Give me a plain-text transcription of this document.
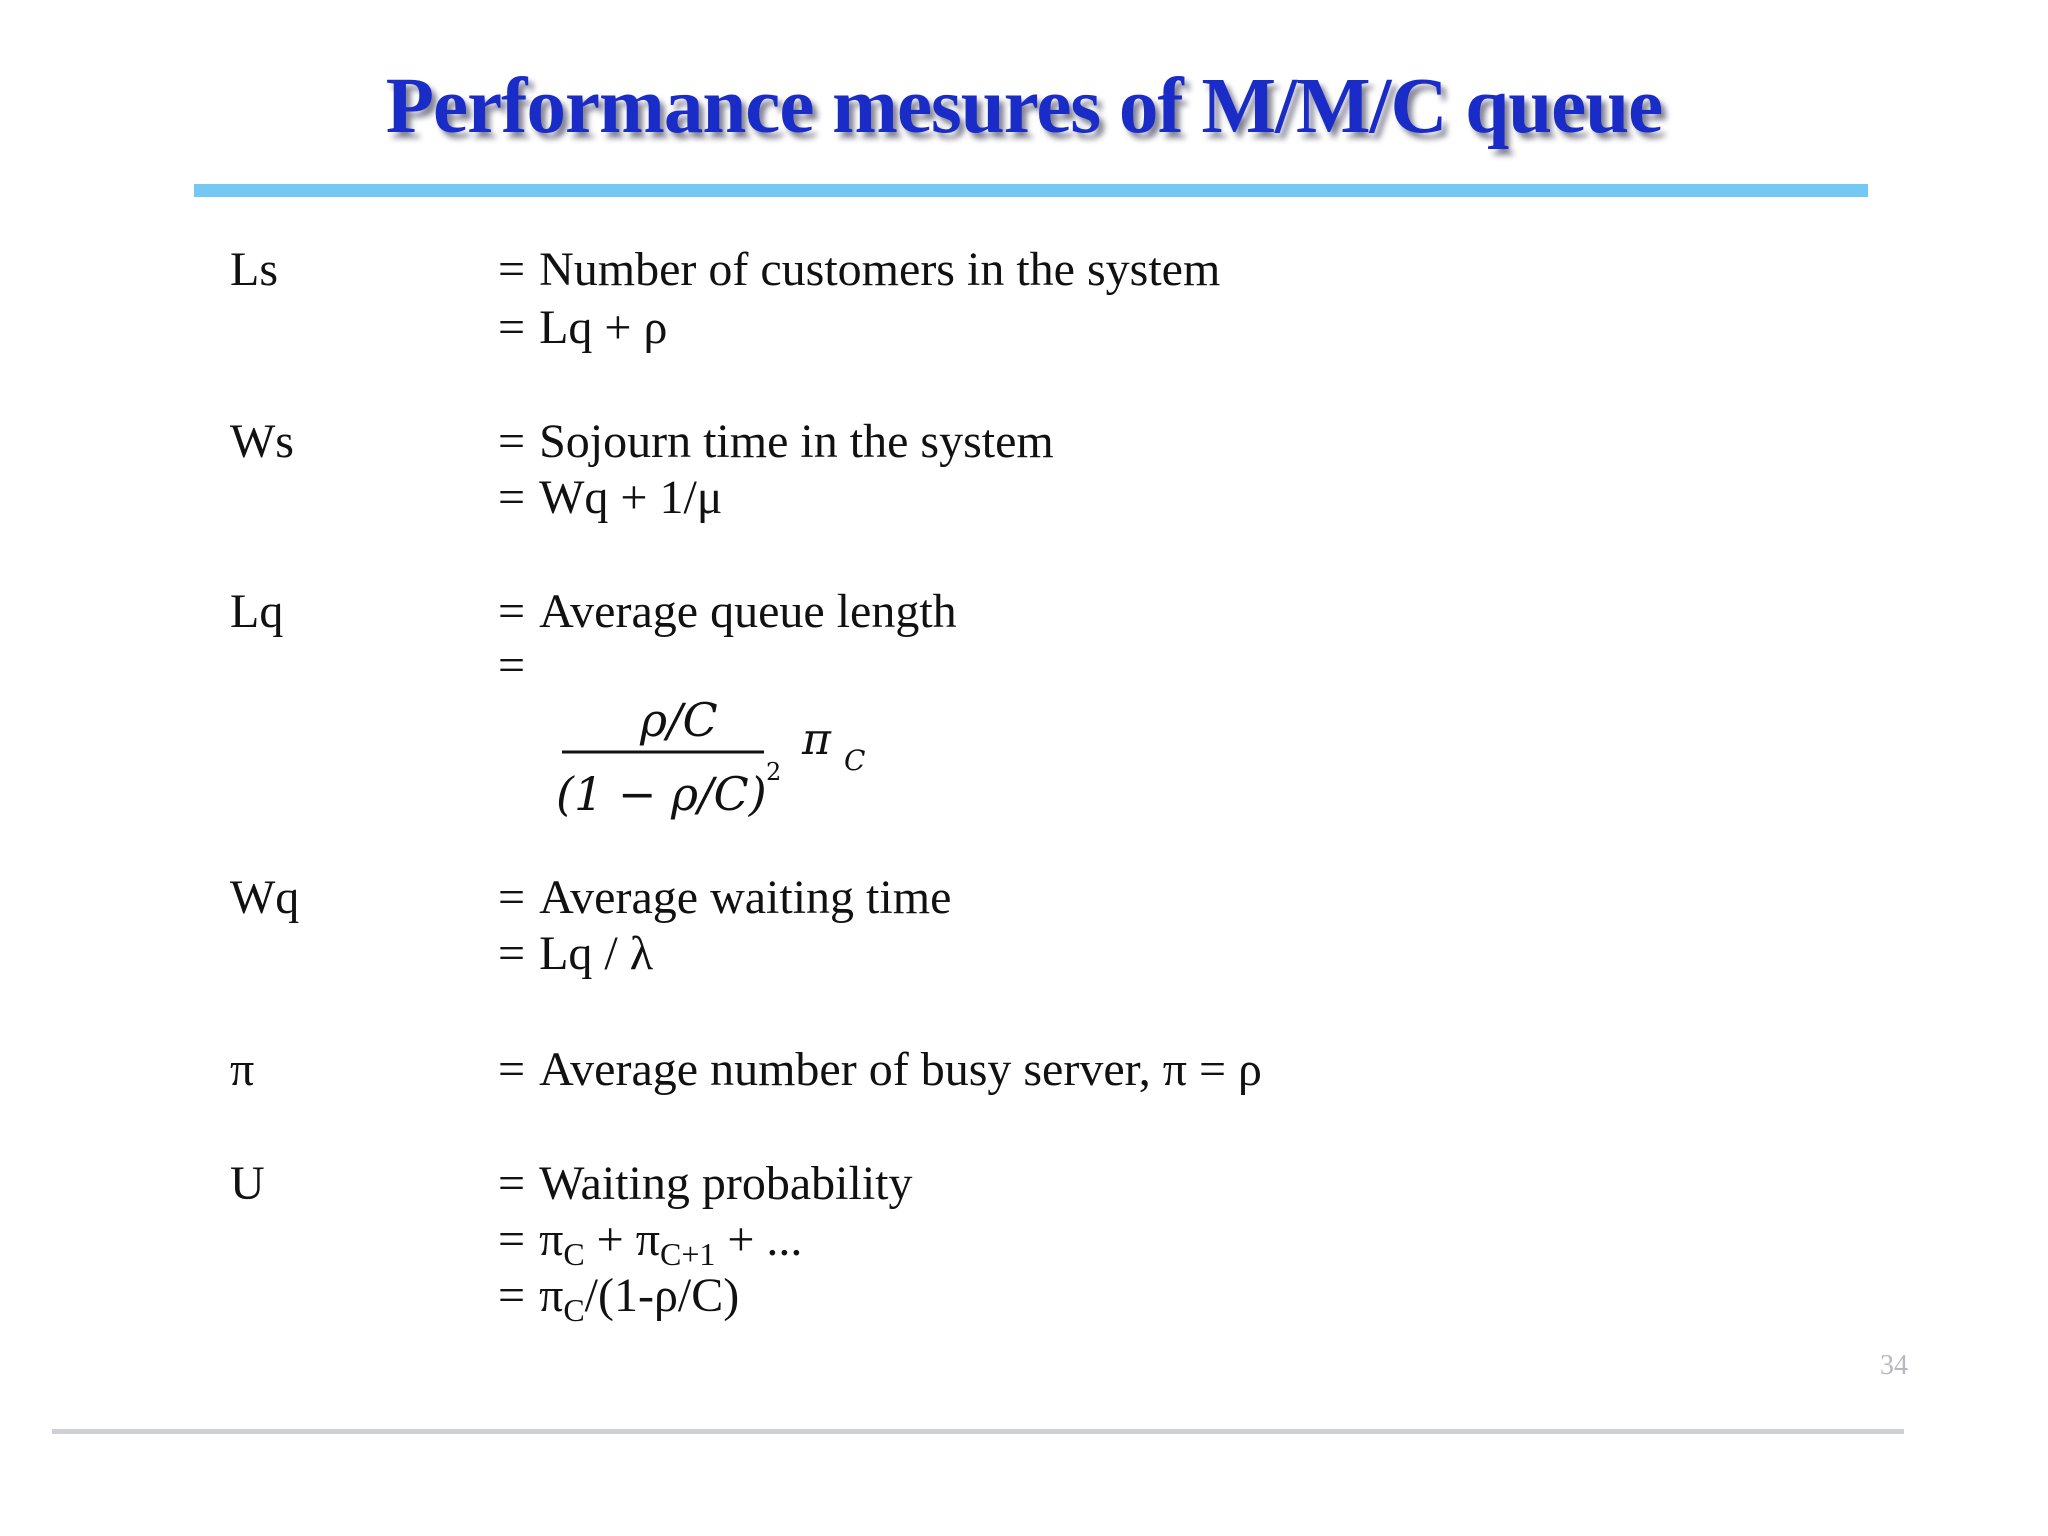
Performance mesures of M/M/C queue
Ls	= Number of customers in the system
= Lq + ρ
Ws	= Sojourn time in the system
= Wq + 1/μ
Lq	= Average queue length
=
ρ/C
(1 − ρ/C) 2
π C
Wq	= Average waiting time
= Lq / λ
π	= Average number of busy server, π = ρ
U	= Waiting probability
= $\pi_C + \pi_{C+1}$ + ...
= $\pi_C/(1-\rho/C)$
34
